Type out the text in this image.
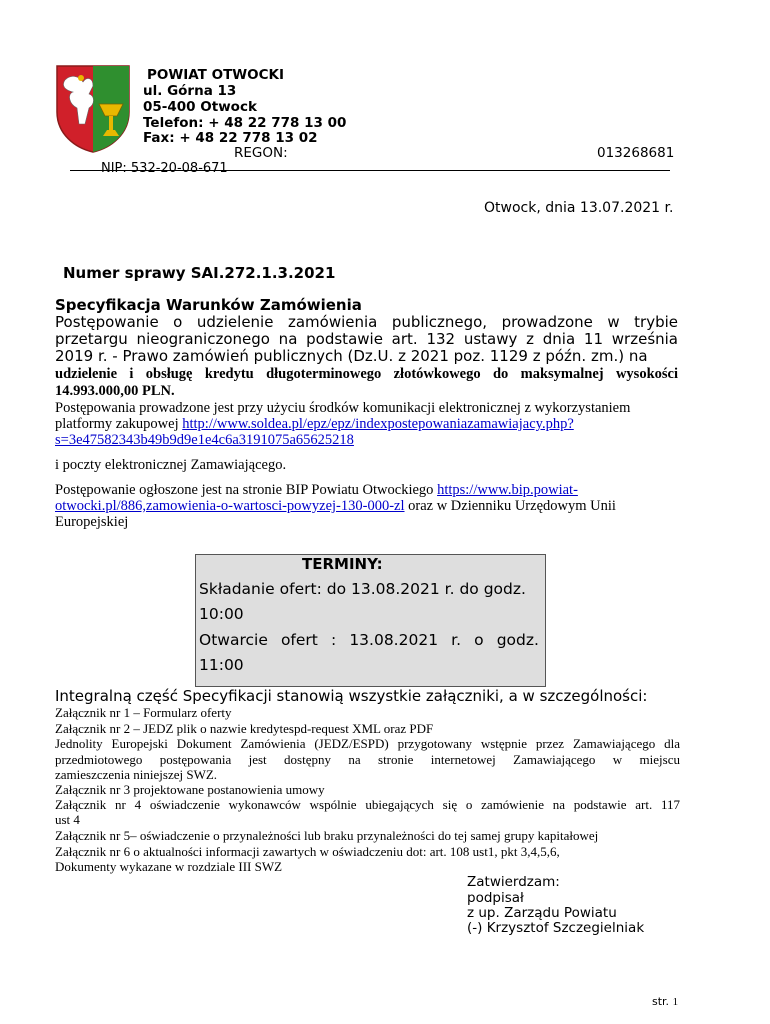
POWIAT OTWOCKI
ul. Górna 13
05-400 Otwock
Telefon: + 48 22 778 13 00
Fax: + 48 22 778 13 02
REGON:	013268681
NIP: 532-20-08-671
Otwock, dnia 13.07.2021 r.
Numer sprawy SAI.272.1.3.2021
Specyfikacja Warunków Zamówienia
Postępowanie o udzielenie zamówienia publicznego, prowadzone w trybie
przetargu nieograniczonego na podstawie art. 132 ustawy z dnia 11 września
2019 r. - Prawo zamówień publicznych (Dz.U. z 2021 poz. 1129 z późn. zm.) na
udzielenie i obsługę kredytu długoterminowego złotówkowego do maksymalnej wysokości
14.993.000,00 PLN.
Postępowania prowadzone jest przy użyciu środków komunikacji elektronicznej z wykorzystaniem
platformy zakupowej http://www.soldea.pl/epz/epz/indexpostepowaniazamawiajacy.php?
s=3e47582343b49b9d9e1e4c6a3191075a65625218
i poczty elektronicznej Zamawiającego.
Postępowanie ogłoszone jest na stronie BIP Powiatu Otwockiego https://www.bip.powiat-
otwocki.pl/886,zamowienia-o-wartosci-powyzej-130-000-zl oraz w Dzienniku Urzędowym Unii
Europejskiej
TERMINY:
Składanie ofert: do 13.08.2021 r. do godz.
10:00
Otwarcie ofert : 13.08.2021 r. o godz.
11:00
Integralną część Specyfikacji stanowią wszystkie załączniki, a w szczególności:
Załącznik nr 1 – Formularz oferty
Załącznik nr 2 – JEDZ plik o nazwie kredytespd-request XML oraz PDF
Jednolity Europejski Dokument Zamówienia (JEDZ/ESPD) przygotowany wstępnie przez Zamawiającego dla
przedmiotowego postępowania jest dostępny na stronie internetowej Zamawiającego w miejscu
zamieszczenia niniejszej SWZ.
Załącznik nr 3 projektowane postanowienia umowy
Załącznik nr 4 oświadczenie wykonawców wspólnie ubiegających się o zamówienie na podstawie art. 117
ust 4
Załącznik nr 5– oświadczenie o przynależności lub braku przynależności do tej samej grupy kapitałowej
Załącznik nr 6 o aktualności informacji zawartych w oświadczeniu dot: art. 108 ust1, pkt 3,4,5,6,
Dokumenty wykazane w rozdziale III SWZ
Zatwierdzam:
podpisał
z up. Zarządu Powiatu
(-) Krzysztof Szczegielniak
str. 1
